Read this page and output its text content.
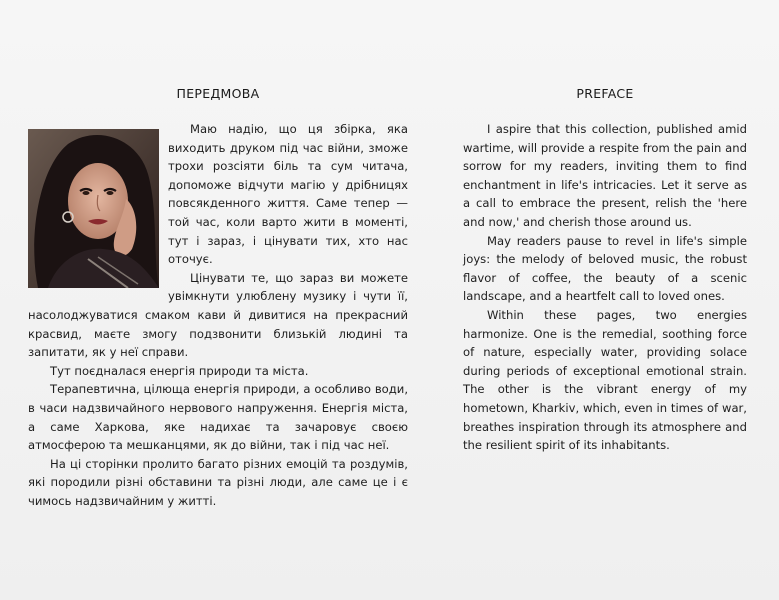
ПЕРЕДМОВА

Маю надію, що ця збірка, яка виходить друком під час війни, зможе трохи розсіяти біль та сум читача, допоможе відчути магію у дрібницях повсякденного життя. Саме тепер — той час, коли варто жити в моменті, тут і зараз, і цінувати тих, хто нас оточує.

Цінувати те, що зараз ви можете увімкнути улюблену музику і чути її, насолоджуватися смаком кави й дивитися на прекрасний красвид, маєте змогу подзвонити близькій людині та запитати, як у неї справи.

Тут поєдналася енергія природи та міста.

Терапевтична, цілюща енергія природи, а особливо води, в часи надзвичайного нервового напруження. Енергія міста, а саме Харкова, яке надихає та зачаровує своєю атмосферою та мешканцями, як до війни, так і під час неї.

На ці сторінки пролито багато різних емоцій та роздумів, які породили різні обставини та різні люди, але саме це і є чимось надзвичайним у житті.

PREFACE

I aspire that this collection, published amid wartime, will provide a respite from the pain and sorrow for my readers, inviting them to find enchantment in life's intricacies. Let it serve as a call to embrace the present, relish the 'here and now,' and cherish those around us.

May readers pause to revel in life's simple joys: the melody of beloved music, the robust flavor of coffee, the beauty of a scenic landscape, and a heartfelt call to loved ones.

Within these pages, two energies harmonize. One is the remedial, soothing force of nature, especially water, providing solace during periods of exceptional emotional strain. The other is the vibrant energy of my hometown, Kharkiv, which, even in times of war, breathes inspiration through its atmosphere and the resilient spirit of its inhabitants.
